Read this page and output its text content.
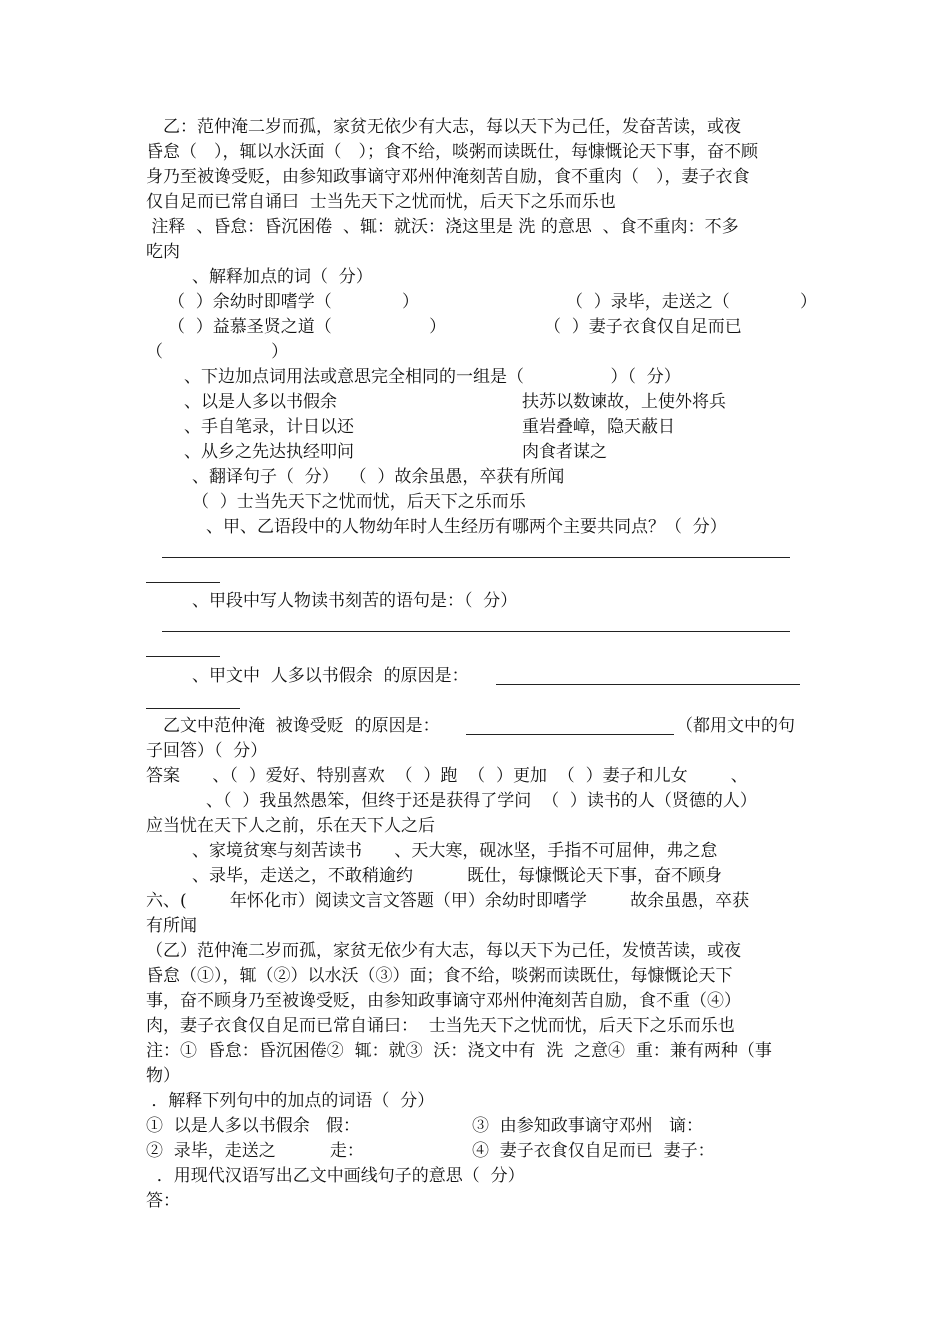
　乙：范仲淹二岁而孤，家贫无依少有大志，每以天下为己任，发奋苦读，或夜
昏怠（　），辄以水沃面（　）；食不给，啖粥而读既仕，每慷慨论天下事，奋不顾
身乃至被谗受贬，由参知政事谪守邓州仲淹刻苦自励，食不重肉（　），妻子衣食
仅自足而已常自诵曰  士当先天下之忧而忧，后天下之乐而乐也
注释  、昏怠：昏沉困倦  、辄：就沃：浇这里是 洗 的意思  、食不重肉：不多
吃肉
、解释加点的词（  分）
（  ）余幼时即嗜学（             ）	（  ）录毕，走送之（             ）
（  ）益慕圣贤之道（                  ）	（  ）妻子衣食仅自足而已
（                    ）
、下边加点词用法或意思完全相同的一组是（                ）（  分）
、以是人多以书假余	扶苏以数谏故，上使外将兵
、手自笔录，计日以还	重岩叠嶂，隐天蔽日
、从乡之先达执经叩问	肉食者谋之
、翻译句子（  分）  （  ）故余虽愚，卒获有所闻
（  ）士当先天下之忧而忧，后天下之乐而乐
、甲、乙语段中的人物幼年时人生经历有哪两个主要共同点？（  分）
、甲段中写人物读书刻苦的语句是：（  分）
、甲文中  人多以书假余  的原因是：
　乙文中范仲淹  被谗受贬  的原因是：	（都用文中的句
子回答）（  分）
答案      、（  ）爱好、特别喜欢  （  ）跑  （  ）更加  （  ）妻子和儿女        、
、（  ）我虽然愚笨，但终于还是获得了学问  （  ）读书的人（贤德的人）
应当忧在天下人之前，乐在天下人之后
、家境贫寒与刻苦读书      、天大寒，砚冰坚，手指不可屈伸，弗之怠
、录毕，走送之，不敢稍逾约          既仕，每慷慨论天下事，奋不顾身
六、(        年怀化市）阅读文言文答题（甲）余幼时即嗜学        故余虽愚，卒获
有所闻
（乙）范仲淹二岁而孤，家贫无依少有大志，每以天下为己任，发愤苦读，或夜
昏怠（①），辄（②）以水沃（③）面；食不给，啖粥而读既仕，每慷慨论天下
事，奋不顾身乃至被谗受贬，由参知政事谪守邓州仲淹刻苦自励，食不重（④）
肉，妻子衣食仅自足而已常自诵曰：  士当先天下之忧而忧，后天下之乐而乐也
注：①  昏怠：昏沉困倦②  辄：就③  沃：浇文中有  洗  之意④  重：兼有两种（事
物）
．解释下列句中的加点的词语（  分）
①  以是人多以书假余   假：	③  由参知政事谪守邓州   谪：
②  录毕，走送之          走：	④  妻子衣食仅自足而已  妻子：
．用现代汉语写出乙文中画线句子的意思（  分）
答：
